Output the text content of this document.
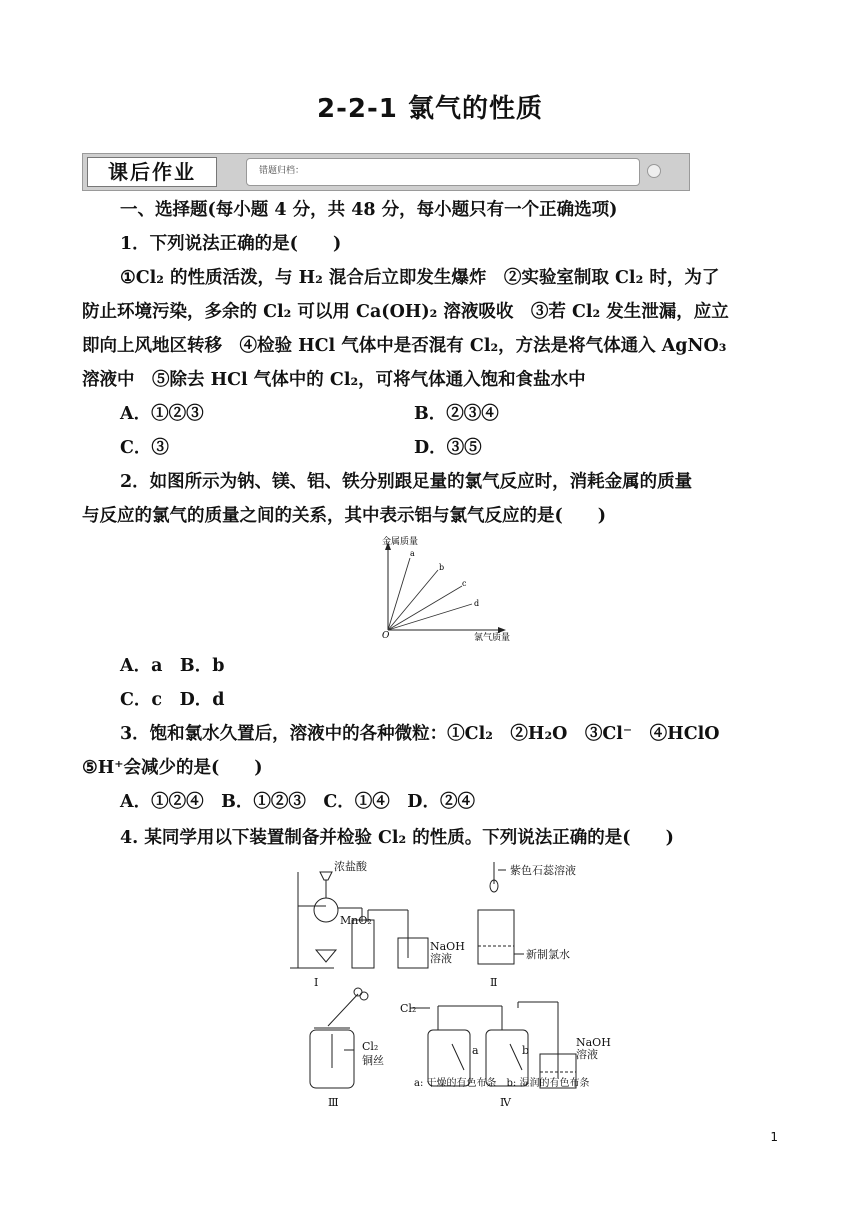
2-2-1 氯气的性质
课后作业	错题归档：
一、选择题(每小题 4 分，共 48 分，每小题只有一个正确选项)
1．下列说法正确的是(　　)
①Cl₂ 的性质活泼，与 H₂ 混合后立即发生爆炸　②实验室制取 Cl₂ 时，为了
防止环境污染，多余的 Cl₂ 可以用 Ca(OH)₂ 溶液吸收　③若 Cl₂ 发生泄漏，应立
即向上风地区转移　④检验 HCl 气体中是否混有 Cl₂，方法是将气体通入 AgNO₃
溶液中　⑤除去 HCl 气体中的 Cl₂，可将气体通入饱和食盐水中
A．①②③	B．②③④
C．③	D．③⑤
2．如图所示为钠、镁、铝、铁分别跟足量的氯气反应时，消耗金属的质量
与反应的氯气的质量之间的关系，其中表示铝与氯气反应的是(　　)
金属质量
氯气质量
O
a
b
c
d
A．a　B．b
C．c　D．d
3．饱和氯水久置后，溶液中的各种微粒：①Cl₂　②H₂O　③Cl⁻　④HClO
⑤H⁺会减少的是(　　)
A．①②④　B．①②③　C．①④　D．②④
4. 某同学用以下装置制备并检验 Cl₂ 的性质。下列说法正确的是(　　)
浓盐酸
MnO₂
NaOH
溶液
紫色石蕊溶液
新制氯水
Cl₂
铜丝
Cl₂
a	b
NaOH
溶液
a: 干燥的有色布条　b: 湿润的有色布条
Ⅰ	Ⅱ
Ⅲ	Ⅳ
1
